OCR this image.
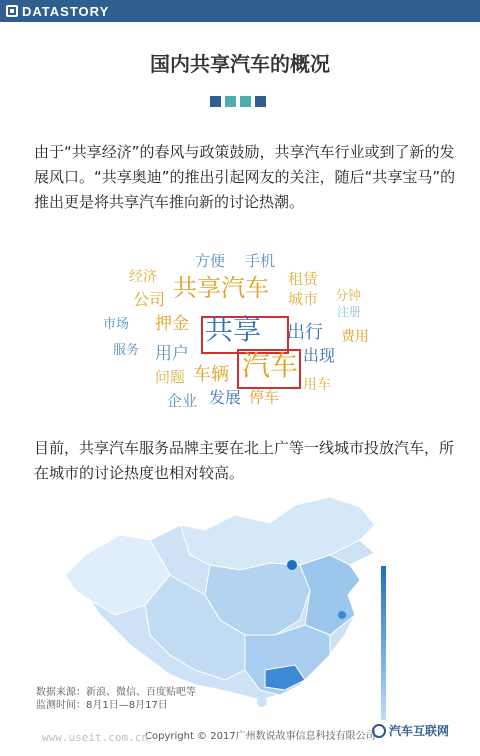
DATASTORY
国内共享汽车的概况
由于“共享经济”的春风与政策鼓励，共享汽车行业或到了新的发展风口。“共享奥迪”的推出引起网友的关注，随后“共享宝马”的推出更是将共享汽车推向新的讨论热潮。
方便 手机
经济 共享汽车 租赁
公司	城市 分钟
注册
市场 押金 共享 出行 费用
服务 用户	出现
问题 车辆 汽车
用车
企业 发展 停车
目前，共享汽车服务品牌主要在北上广等一线城市投放汽车，所在城市的讨论热度也相对较高。
北京 5092
广东 3920
上海 2273
江苏 1633
四川 1585
浙江 1459
陕西 1390
山东 1232
湖南 1171
数据来源：新浪、微信、百度贴吧等
监测时间：8月1日—8月17日
Copyright © 2017广州数说故事信息科技有限公司
www.useit.com.cn	汽车互联网
